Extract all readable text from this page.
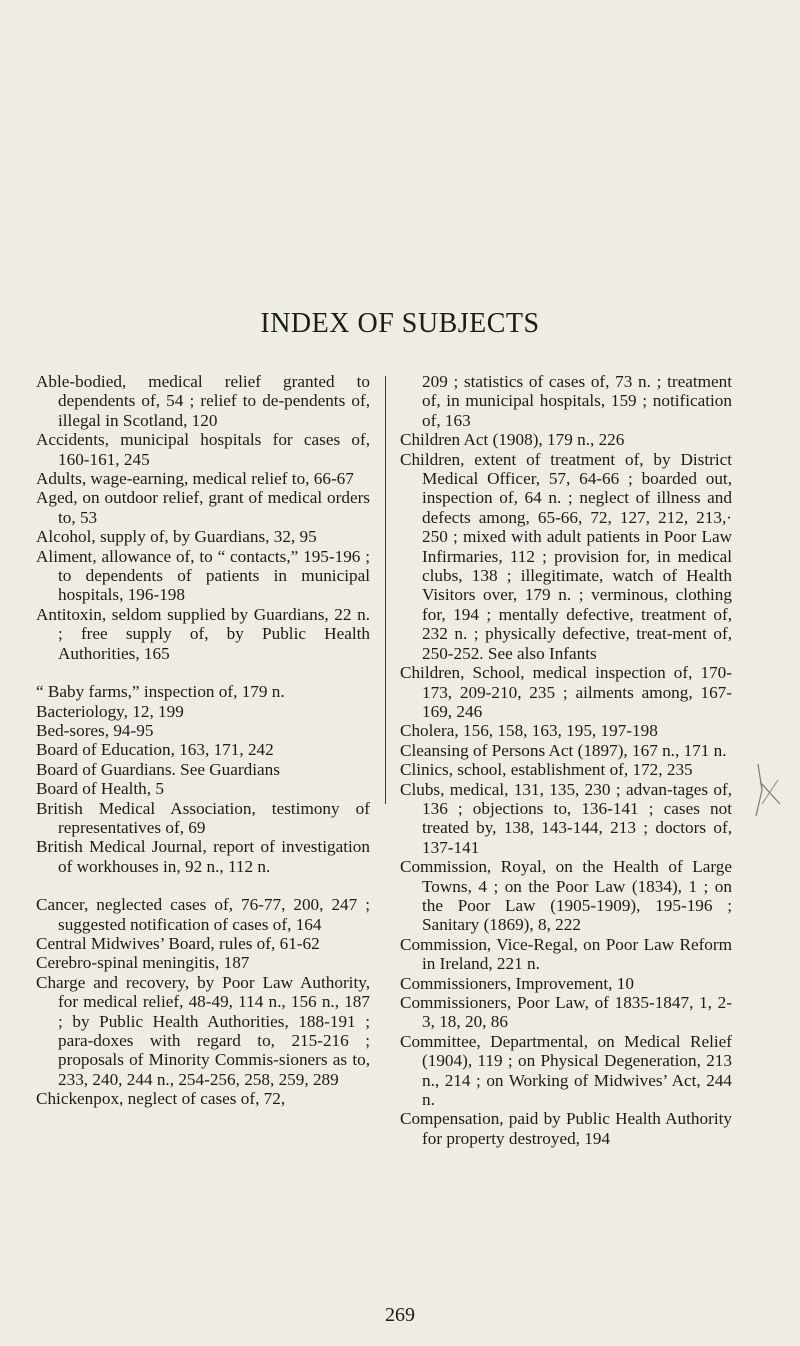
INDEX OF SUBJECTS

Able-bodied, medical relief granted to dependents of, 54 ; relief to de-pendents of, illegal in Scotland, 120

Accidents, municipal hospitals for cases of, 160-161, 245

Adults, wage-earning, medical relief to, 66-67

Aged, on outdoor relief, grant of medical orders to, 53

Alcohol, supply of, by Guardians, 32, 95

Aliment, allowance of, to “ contacts,” 195-196 ; to dependents of patients in municipal hospitals, 196-198

Antitoxin, seldom supplied by Guardians, 22 n. ; free supply of, by Public Health Authorities, 165

“ Baby farms,” inspection of, 179 n.

Bacteriology, 12, 199

Bed-sores, 94-95

Board of Education, 163, 171, 242

Board of Guardians. See Guardians

Board of Health, 5

British Medical Association, testimony of representatives of, 69

British Medical Journal, report of investigation of workhouses in, 92 n., 112 n.

Cancer, neglected cases of, 76-77, 200, 247 ; suggested notification of cases of, 164

Central Midwives’ Board, rules of, 61-62

Cerebro-spinal meningitis, 187

Charge and recovery, by Poor Law Authority, for medical relief, 48-49, 114 n., 156 n., 187 ; by Public Health Authorities, 188-191 ; para-doxes with regard to, 215-216 ; proposals of Minority Commis-sioners as to, 233, 240, 244 n., 254-256, 258, 259, 289

Chickenpox, neglect of cases of, 72,

209 ; statistics of cases of, 73 n. ; treatment of, in municipal hospitals, 159 ; notification of, 163

Children Act (1908), 179 n., 226

Children, extent of treatment of, by District Medical Officer, 57, 64-66 ; boarded out, inspection of, 64 n. ; neglect of illness and defects among, 65-66, 72, 127, 212, 213,· 250 ; mixed with adult patients in Poor Law Infirmaries, 112 ; provision for, in medical clubs, 138 ; illegitimate, watch of Health Visitors over, 179 n. ; verminous, clothing for, 194 ; mentally defective, treatment of, 232 n. ; physically defective, treat-ment of, 250-252. See also Infants

Children, School, medical inspection of, 170-173, 209-210, 235 ; ailments among, 167-169, 246

Cholera, 156, 158, 163, 195, 197-198

Cleansing of Persons Act (1897), 167 n., 171 n.

Clinics, school, establishment of, 172, 235

Clubs, medical, 131, 135, 230 ; advan-tages of, 136 ; objections to, 136-141 ; cases not treated by, 138, 143-144, 213 ; doctors of, 137-141

Commission, Royal, on the Health of Large Towns, 4 ; on the Poor Law (1834), 1 ; on the Poor Law (1905-1909), 195-196 ; Sanitary (1869), 8, 222

Commission, Vice-Regal, on Poor Law Reform in Ireland, 221 n.

Commissioners, Improvement, 10

Commissioners, Poor Law, of 1835-1847, 1, 2-3, 18, 20, 86

Committee, Departmental, on Medical Relief (1904), 119 ; on Physical Degeneration, 213 n., 214 ; on Working of Midwives’ Act, 244 n.

Compensation, paid by Public Health Authority for property destroyed, 194

269
